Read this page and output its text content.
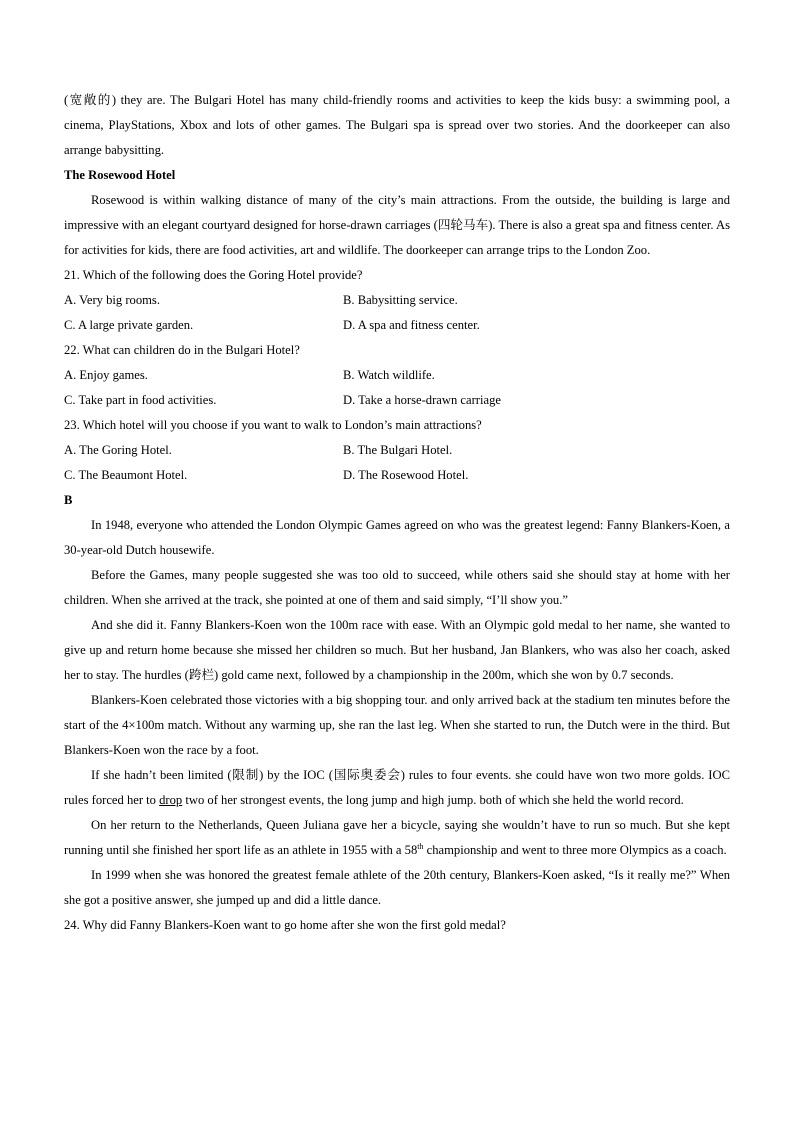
(宽敞的) they are. The Bulgari Hotel has many child-friendly rooms and activities to keep the kids busy: a swimming pool, a cinema, PlayStations, Xbox and lots of other games. The Bulgari spa is spread over two stories. And the doorkeeper can also arrange babysitting.

The Rosewood Hotel

Rosewood is within walking distance of many of the city’s main attractions. From the outside, the building is large and impressive with an elegant courtyard designed for horse-drawn carriages (四轮马车). There is also a great spa and fitness center. As for activities for kids, there are food activities, art and wildlife. The doorkeeper can arrange trips to the London Zoo.

21. Which of the following does the Goring Hotel provide?

A. Very big rooms.	B. Babysitting service.
C. A large private garden.	D. A spa and fitness center.

22. What can children do in the Bulgari Hotel?

A. Enjoy games.	B. Watch wildlife.
C. Take part in food activities.	D. Take a horse-drawn carriage

23. Which hotel will you choose if you want to walk to London’s main attractions?

A. The Goring Hotel.	B. The Bulgari Hotel.
C. The Beaumont Hotel.	D. The Rosewood Hotel.

B

In 1948, everyone who attended the London Olympic Games agreed on who was the greatest legend: Fanny Blankers-Koen, a 30-year-old Dutch housewife.

Before the Games, many people suggested she was too old to succeed, while others said she should stay at home with her children. When she arrived at the track, she pointed at one of them and said simply, “I’ll show you.”

And she did it. Fanny Blankers-Koen won the 100m race with ease. With an Olympic gold medal to her name, she wanted to give up and return home because she missed her children so much. But her husband, Jan Blankers, who was also her coach, asked her to stay. The hurdles (跨栏) gold came next, followed by a championship in the 200m, which she won by 0.7 seconds.

Blankers-Koen celebrated those victories with a big shopping tour. and only arrived back at the stadium ten minutes before the start of the 4×100m match. Without any warming up, she ran the last leg. When she started to run, the Dutch were in the third. But Blankers-Koen won the race by a foot.

If she hadn’t been limited (限制) by the IOC (国际奥委会) rules to four events. she could have won two more golds. IOC rules forced her to drop two of her strongest events, the long jump and high jump. both of which she held the world record.

On her return to the Netherlands, Queen Juliana gave her a bicycle, saying she wouldn’t have to run so much. But she kept running until she finished her sport life as an athlete in 1955 with a 58th championship and went to three more Olympics as a coach.

In 1999 when she was honored the greatest female athlete of the 20th century, Blankers-Koen asked, “Is it really me?” When she got a positive answer, she jumped up and did a little dance.

24. Why did Fanny Blankers-Koen want to go home after she won the first gold medal?
